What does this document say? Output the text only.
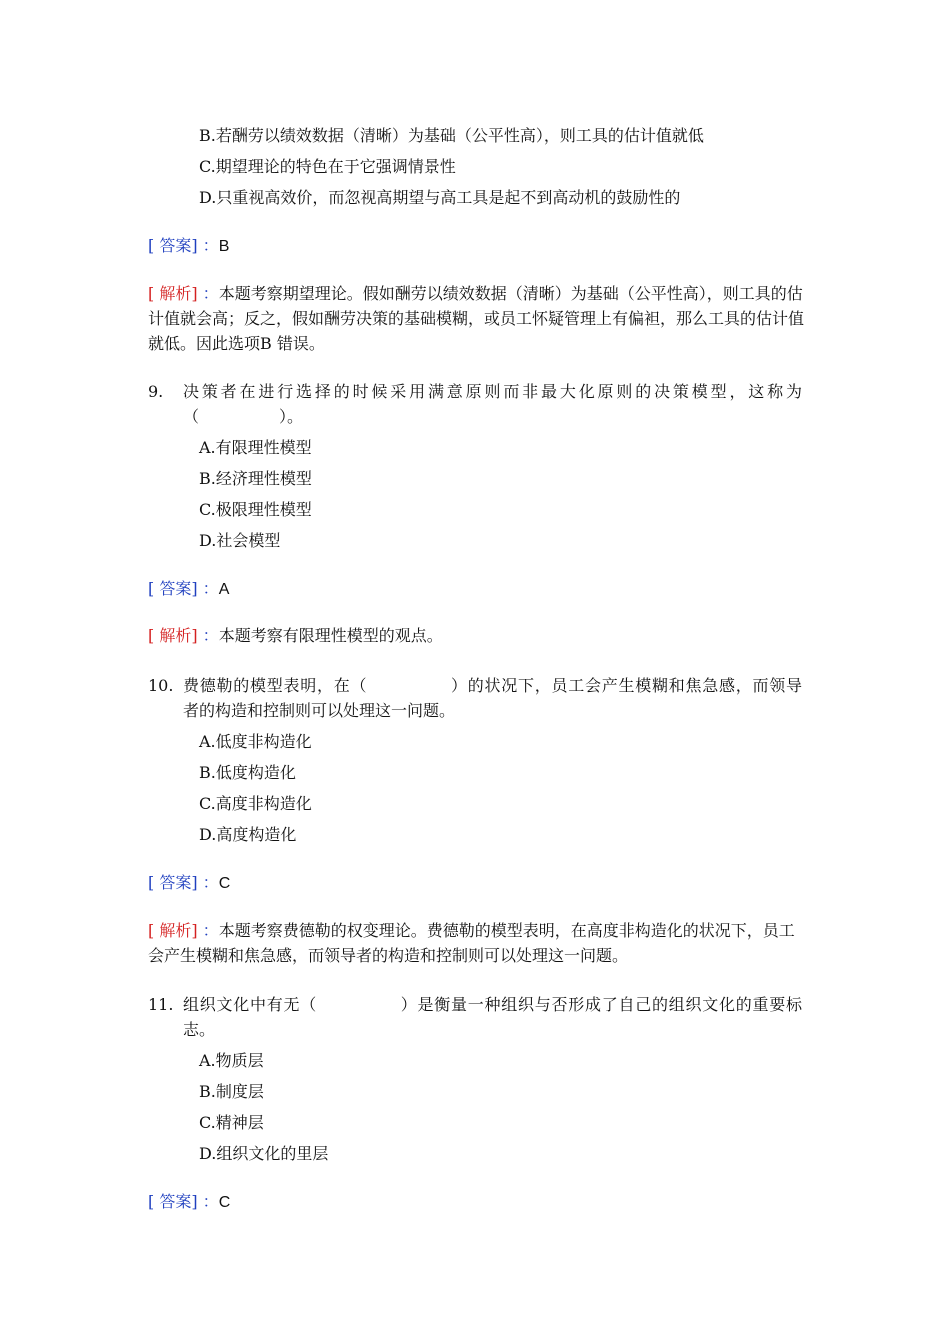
B.若酬劳以绩效数据（清晰）为基础（公平性高），则工具的估计值就低
C.期望理论的特色在于它强调情景性
D.只重视高效价，而忽视高期望与高工具是起不到高动机的鼓励性的
[ 答案] ：B
[ 解析] ：本题考察期望理论。假如酬劳以绩效数据（清晰）为基础（公平性高），则工具的估计值就会高；反之，假如酬劳决策的基础模糊，或员工怀疑管理上有偏袒，那么工具的估计值就低。因此选项B 错误。
9. 决策者在进行选择的时候采用满意原则而非最大化原则的决策模型，这称为
（　　　　　）。
A.有限理性模型
B.经济理性模型
C.极限理性模型
D.社会模型
[ 答案] ：A
[ 解析] ：本题考察有限理性模型的观点。
10. 费德勒的模型表明，在（　　　　　）的状况下，员工会产生模糊和焦急感，而领导
者的构造和控制则可以处理这一问题。
A.低度非构造化
B.低度构造化
C.高度非构造化
D.高度构造化
[ 答案] ：C
[ 解析] ：本题考察费德勒的权变理论。费德勒的模型表明，在高度非构造化的状况下，员工会产生模糊和焦急感，而领导者的构造和控制则可以处理这一问题。
11. 组织文化中有无（　　　　　）是衡量一种组织与否形成了自己的组织文化的重要标
志。
A.物质层
B.制度层
C.精神层
D.组织文化的里层
[ 答案] ：C
